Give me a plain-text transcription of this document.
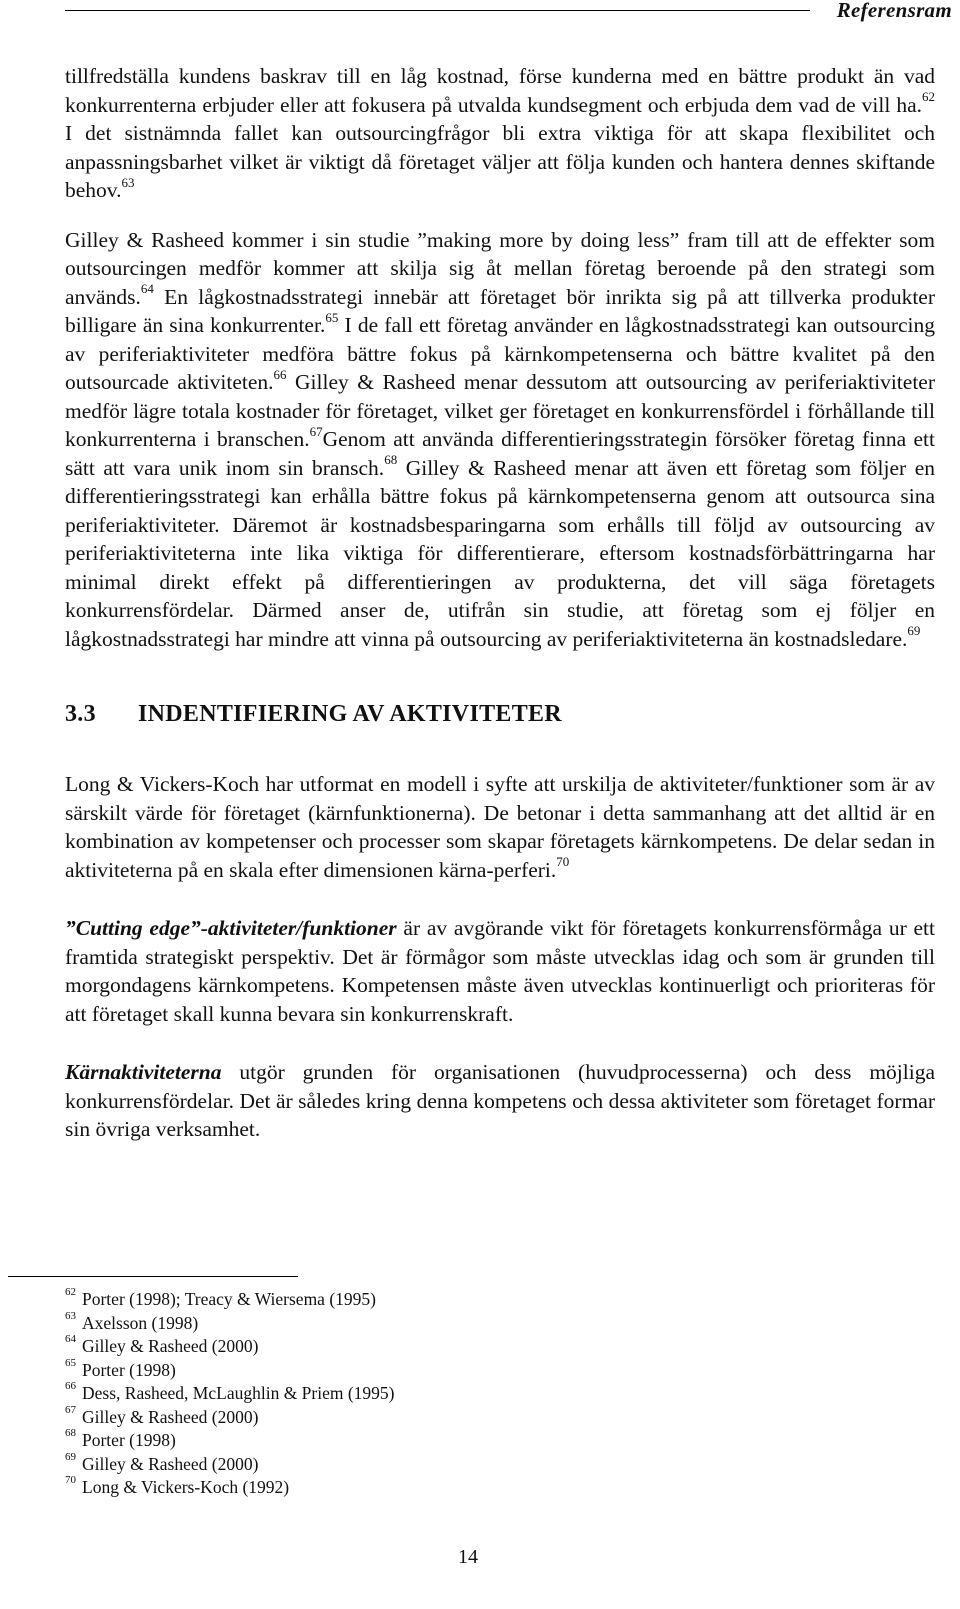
Referensram

tillfredställa kundens baskrav till en låg kostnad, förse kunderna med en bättre produkt än vad konkurrenterna erbjuder eller att fokusera på utvalda kundsegment och erbjuda dem vad de vill ha.$^{62}$ I det sistnämnda fallet kan outsourcingfrågor bli extra viktiga för att skapa flexibilitet och anpassningsbarhet vilket är viktigt då företaget väljer att följa kunden och hantera dennes skiftande behov.$^{63}$

Gilley & Rasheed kommer i sin studie ”making more by doing less” fram till att de effekter som outsourcingen medför kommer att skilja sig åt mellan företag beroende på den strategi som används.$^{64}$ En lågkostnadsstrategi innebär att företaget bör inrikta sig på att tillverka produkter billigare än sina konkurrenter.$^{65}$ I de fall ett företag använder en lågkostnadsstrategi kan outsourcing av periferiaktiviteter medföra bättre fokus på kärnkompetenserna och bättre kvalitet på den outsourcade aktiviteten.$^{66}$ Gilley & Rasheed menar dessutom att outsourcing av periferiaktiviteter medför lägre totala kostnader för företaget, vilket ger företaget en konkurrensfördel i förhållande till konkurrenterna i branschen.$^{67}$Genom att använda differentieringsstrategin försöker företag finna ett sätt att vara unik inom sin bransch.$^{68}$ Gilley & Rasheed menar att även ett företag som följer en differentieringsstrategi kan erhålla bättre fokus på kärnkompetenserna genom att outsourca sina periferiaktiviteter. Däremot är kostnadsbesparingarna som erhålls till följd av outsourcing av periferiaktiviteterna inte lika viktiga för differentierare, eftersom kostnadsförbättringarna har minimal direkt effekt på differentieringen av produkterna, det vill säga företagets konkurrensfördelar. Därmed anser de, utifrån sin studie, att företag som ej följer en lågkostnadsstrategi har mindre att vinna på outsourcing av periferiaktiviteterna än kostnadsledare.$^{69}$

3.3	INDENTIFIERING AV AKTIVITETER

Long & Vickers-Koch har utformat en modell i syfte att urskilja de aktiviteter/funktioner som är av särskilt värde för företaget (kärnfunktionerna). De betonar i detta sammanhang att det alltid är en kombination av kompetenser och processer som skapar företagets kärnkompetens. De delar sedan in aktiviteterna på en skala efter dimensionen kärna-perferi.$^{70}$

”Cutting edge”-aktiviteter/funktioner är av avgörande vikt för företagets konkurrensförmåga ur ett framtida strategiskt perspektiv. Det är förmågor som måste utvecklas idag och som är grunden till morgondagens kärnkompetens. Kompetensen måste även utvecklas kontinuerligt och prioriteras för att företaget skall kunna bevara sin konkurrenskraft.

Kärnaktiviteterna utgör grunden för organisationen (huvudprocesserna) och dess möjliga konkurrensfördelar. Det är således kring denna kompetens och dessa aktiviteter som företaget formar sin övriga verksamhet.

$^{62}$ Porter (1998); Treacy & Wiersema (1995)
$^{63}$ Axelsson (1998)
$^{64}$ Gilley & Rasheed (2000)
$^{65}$ Porter (1998)
$^{66}$ Dess, Rasheed, McLaughlin & Priem (1995)
$^{67}$ Gilley & Rasheed (2000)
$^{68}$ Porter (1998)
$^{69}$ Gilley & Rasheed (2000)
$^{70}$ Long & Vickers-Koch (1992)
14
